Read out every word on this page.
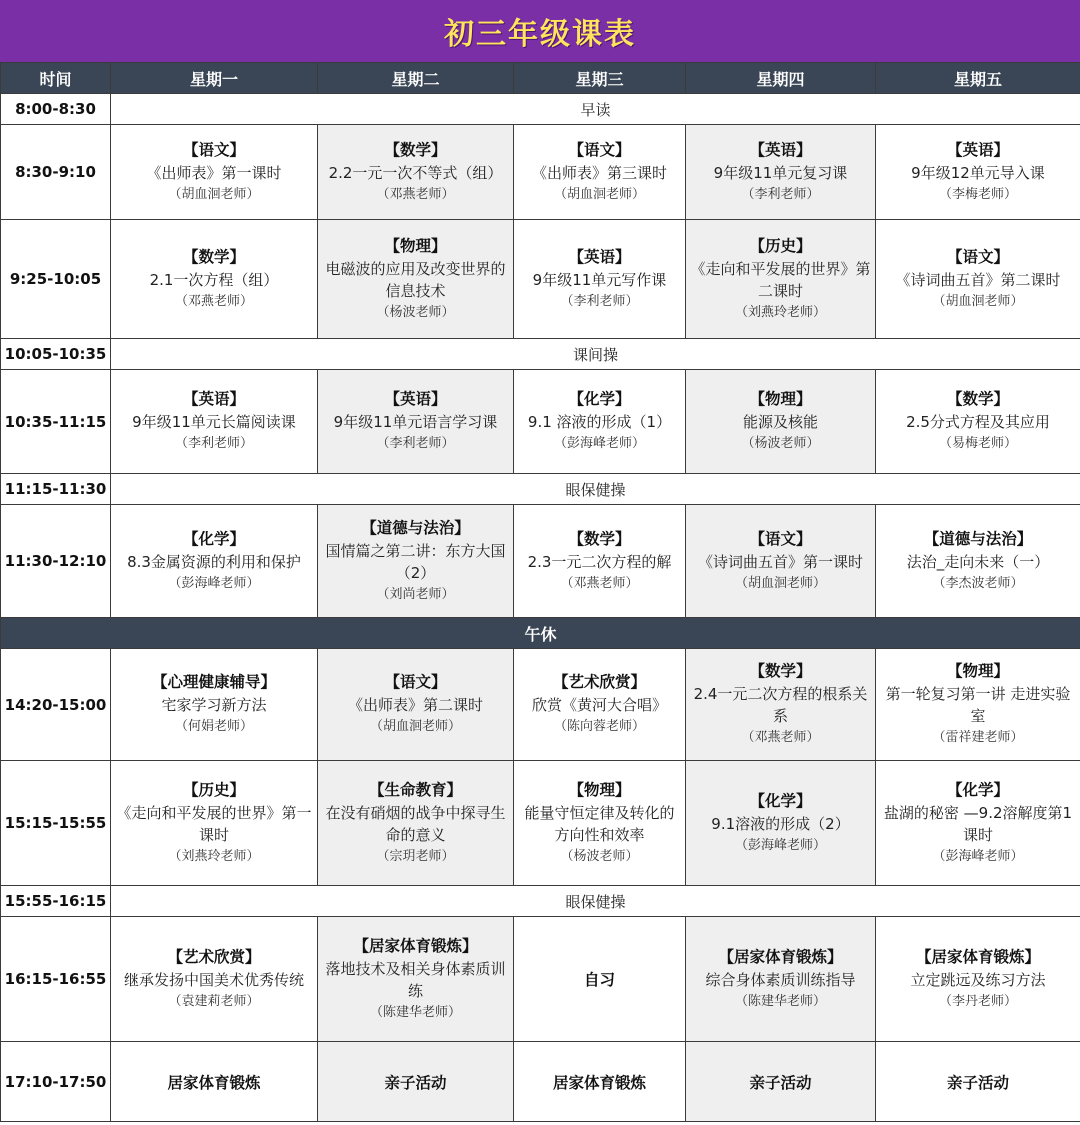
初三年级课表
时间	星期一	星期二	星期三	星期四	星期五
8:00-8:30	早读				
8:30-9:10	【语文】
《出师表》第一课时
（胡血洄老师）	【数学】
2.2一元一次不等式（组）
（邓燕老师）	【语文】
《出师表》第三课时
（胡血洄老师）	【英语】
9年级11单元复习课
（李利老师）	【英语】
9年级12单元导入课
（李梅老师）

9:25-10:05	【数学】
2.1一次方程（组）
（邓燕老师）	【物理】
电磁波的应用及改变世界的信息技术
（杨波老师）	【英语】
9年级11单元写作课
（李利老师）	【历史】
《走向和平发展的世界》第二课时
（刘燕玲老师）	【语文】
《诗词曲五首》第二课时
（胡血洄老师）

10:05-10:35	课间操				
10:35-11:15	【英语】
9年级11单元长篇阅读课
（李利老师）	【英语】
9年级11单元语言学习课
（李利老师）	【化学】
9.1 溶液的形成（1）
（彭海峰老师）	【物理】
能源及核能
（杨波老师）	【数学】
2.5分式方程及其应用
（易梅老师）

11:15-11:30	眼保健操				
11:30-12:10	【化学】
8.3金属资源的利用和保护
（彭海峰老师）	【道德与法治】
国情篇之第二讲：东方大国（2）
（刘尚老师）	【数学】
2.3一元二次方程的解
（邓燕老师）	【语文】
《诗词曲五首》第一课时
（胡血洄老师）	【道德与法治】
法治_走向未来（一）
（李杰波老师）

午休					
14:20-15:00	【心理健康辅导】
宅家学习新方法
（何娟老师）	【语文】
《出师表》第二课时
（胡血洄老师）	【艺术欣赏】
欣赏《黄河大合唱》
（陈向蓉老师）	【数学】
2.4一元二次方程的根系关系
（邓燕老师）	【物理】
第一轮复习第一讲 走进实验室
（雷祥建老师）

15:15-15:55	【历史】
《走向和平发展的世界》第一课时
（刘燕玲老师）	【生命教育】
在没有硝烟的战争中探寻生命的意义
（宗玥老师）	【物理】
能量守恒定律及转化的方向性和效率
（杨波老师）	【化学】
9.1溶液的形成（2）
（彭海峰老师）	【化学】
盐湖的秘密 —9.2溶解度第1课时
（彭海峰老师）

15:55-16:15	眼保健操				
16:15-16:55	【艺术欣赏】
继承发扬中国美术优秀传统
（袁建莉老师）	【居家体育锻炼】
落地技术及相关身体素质训练
（陈建华老师）	自习	【居家体育锻炼】
综合身体素质训练指导
（陈建华老师）	【居家体育锻炼】
立定跳远及练习方法
（李丹老师）

17:10-17:50	居家体育锻炼	亲子活动	居家体育锻炼	亲子活动	亲子活动
